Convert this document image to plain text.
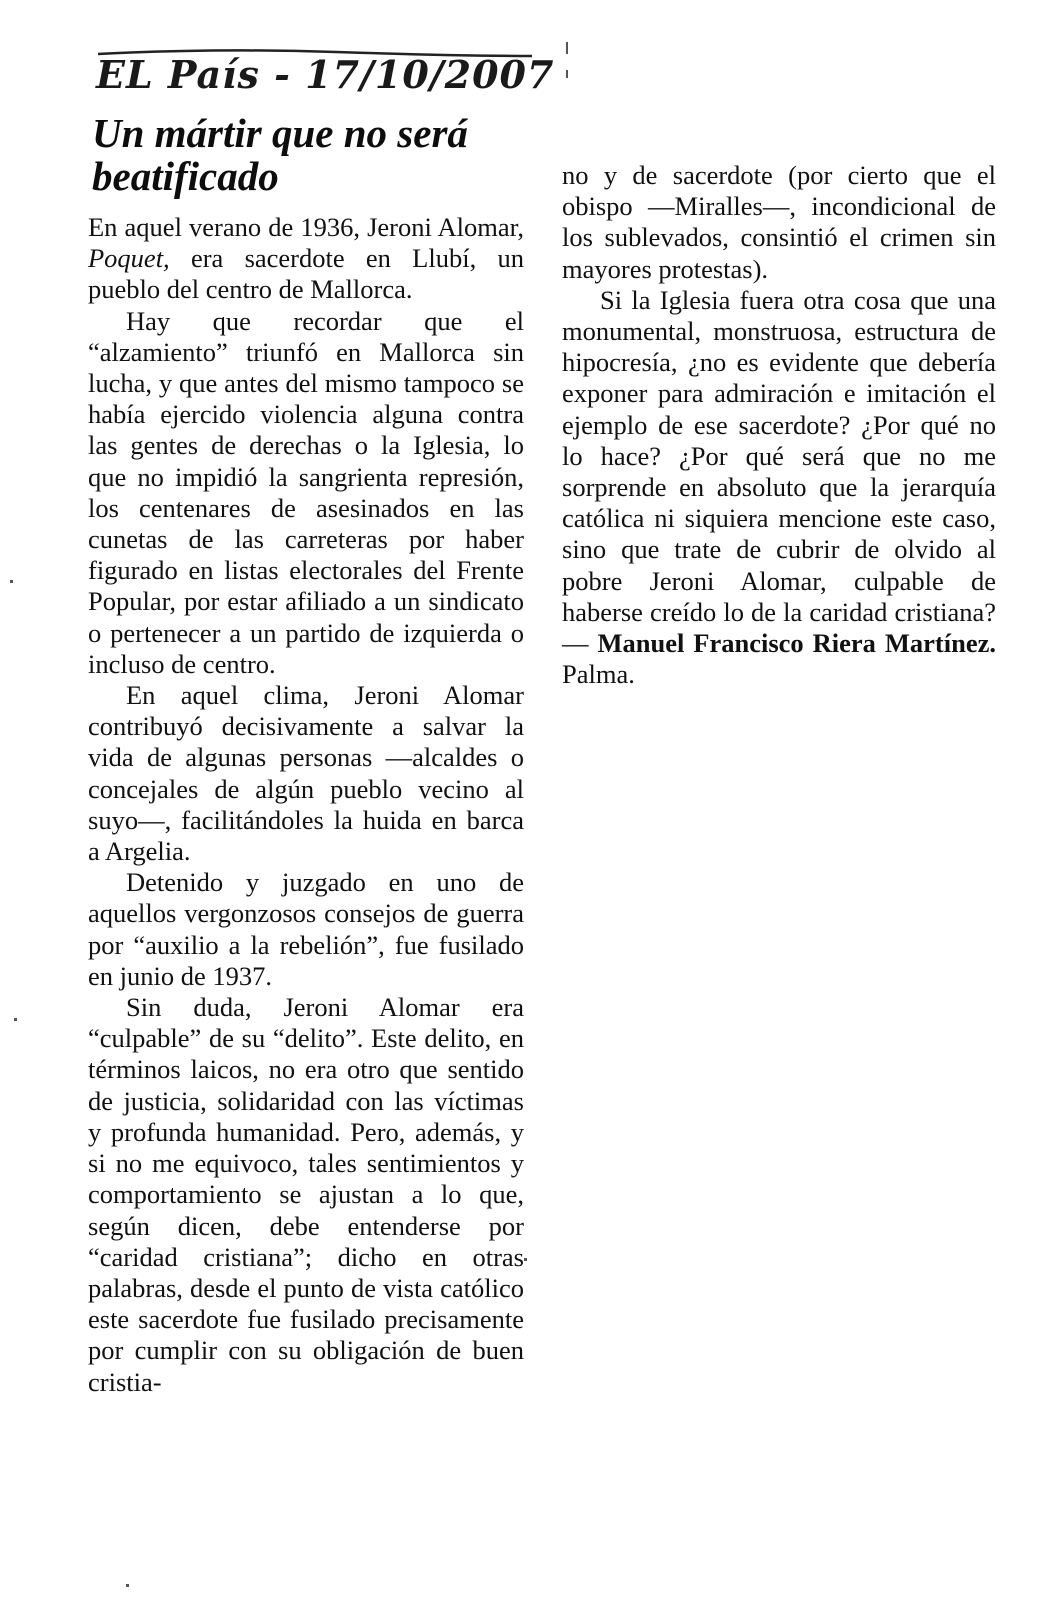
EL País - 17/10/2007
Un mártir que no será beatificado

En aquel verano de 1936, Jeroni Alomar, Poquet, era sacerdote en Llubí, un pueblo del centro de Mallorca.

Hay que recordar que el “alzamiento” triunfó en Mallorca sin lucha, y que antes del mismo tampoco se había ejercido violencia alguna contra las gentes de derechas o la Iglesia, lo que no impidió la sangrienta represión, los centenares de asesinados en las cunetas de las carreteras por haber figurado en listas electorales del Frente Popular, por estar afiliado a un sindicato o pertenecer a un partido de izquierda o incluso de centro.

En aquel clima, Jeroni Alomar contribuyó decisivamente a salvar la vida de algunas personas —alcaldes o concejales de algún pueblo vecino al suyo—, facilitándoles la huida en barca a Argelia.

Detenido y juzgado en uno de aquellos vergonzosos consejos de guerra por “auxilio a la rebelión”, fue fusilado en junio de 1937.

Sin duda, Jeroni Alomar era “culpable” de su “delito”. Este delito, en términos laicos, no era otro que sentido de justicia, solidaridad con las víctimas y profunda humanidad. Pero, además, y si no me equivoco, tales sentimientos y comportamiento se ajustan a lo que, según dicen, debe entenderse por “caridad cristiana”; dicho en otras palabras, desde el punto de vista católico este sacerdote fue fusilado precisamente por cumplir con su obligación de buen cristia-

no y de sacerdote (por cierto que el obispo —Miralles—, incondicional de los sublevados, consintió el crimen sin mayores protestas).

Si la Iglesia fuera otra cosa que una monumental, monstruosa, estructura de hipocresía, ¿no es evidente que debería exponer para admiración e imitación el ejemplo de ese sacerdote? ¿Por qué no lo hace? ¿Por qué será que no me sorprende en absoluto que la jerarquía católica ni siquiera mencione este caso, sino que trate de cubrir de olvido al pobre Jeroni Alomar, culpable de haberse creído lo de la caridad cristiana?— Manuel Francisco Riera Martínez. Palma.
